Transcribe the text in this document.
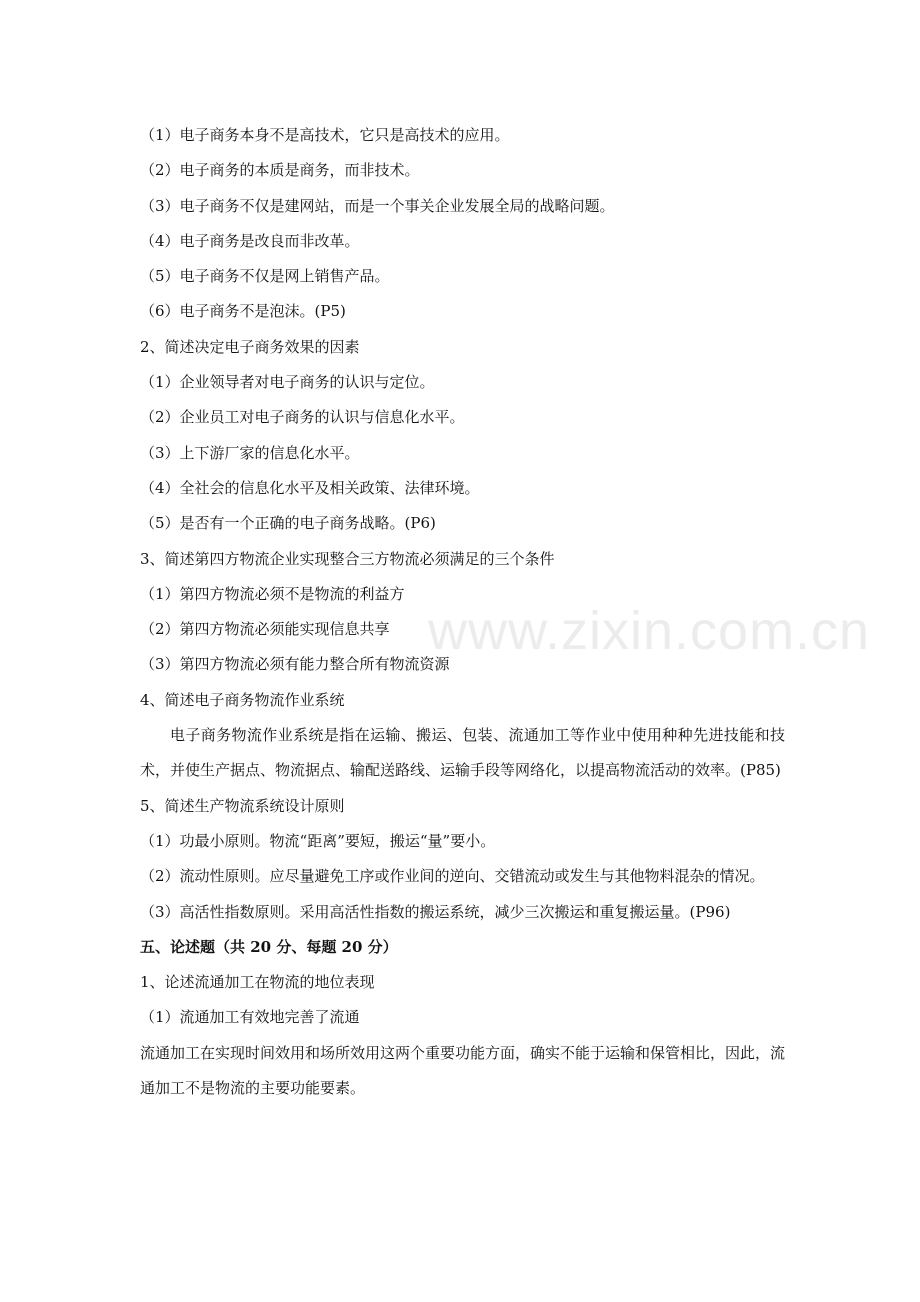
www.zixin.com.cn
（1）电子商务本身不是高技术，它只是高技术的应用。
（2）电子商务的本质是商务，而非技术。
（3）电子商务不仅是建网站，而是一个事关企业发展全局的战略问题。
（4）电子商务是改良而非改革。
（5）电子商务不仅是网上销售产品。
（6）电子商务不是泡沫。(P5)
2、简述决定电子商务效果的因素
（1）企业领导者对电子商务的认识与定位。
（2）企业员工对电子商务的认识与信息化水平。
（3）上下游厂家的信息化水平。
（4）全社会的信息化水平及相关政策、法律环境。
（5）是否有一个正确的电子商务战略。(P6)
3、简述第四方物流企业实现整合三方物流必须满足的三个条件
（1）第四方物流必须不是物流的利益方
（2）第四方物流必须能实现信息共享
（3）第四方物流必须有能力整合所有物流资源
4、简述电子商务物流作业系统

电子商务物流作业系统是指在运输、搬运、包装、流通加工等作业中使用种种先进技能和技术，并使生产据点、物流据点、输配送路线、运输手段等网络化，以提高物流活动的效率。(P85)

5、简述生产物流系统设计原则
（1）功最小原则。物流“距离”要短，搬运“量”要小。

（2）流动性原则。应尽量避免工序或作业间的逆向、交错流动或发生与其他物料混杂的情况。

（3）高活性指数原则。采用高活性指数的搬运系统，减少三次搬运和重复搬运量。(P96)
五、论述题（共 20 分、每题 20 分）
1、论述流通加工在物流的地位表现
（1）流通加工有效地完善了流通

流通加工在实现时间效用和场所效用这两个重要功能方面，确实不能于运输和保管相比，因此，流通加工不是物流的主要功能要素。
